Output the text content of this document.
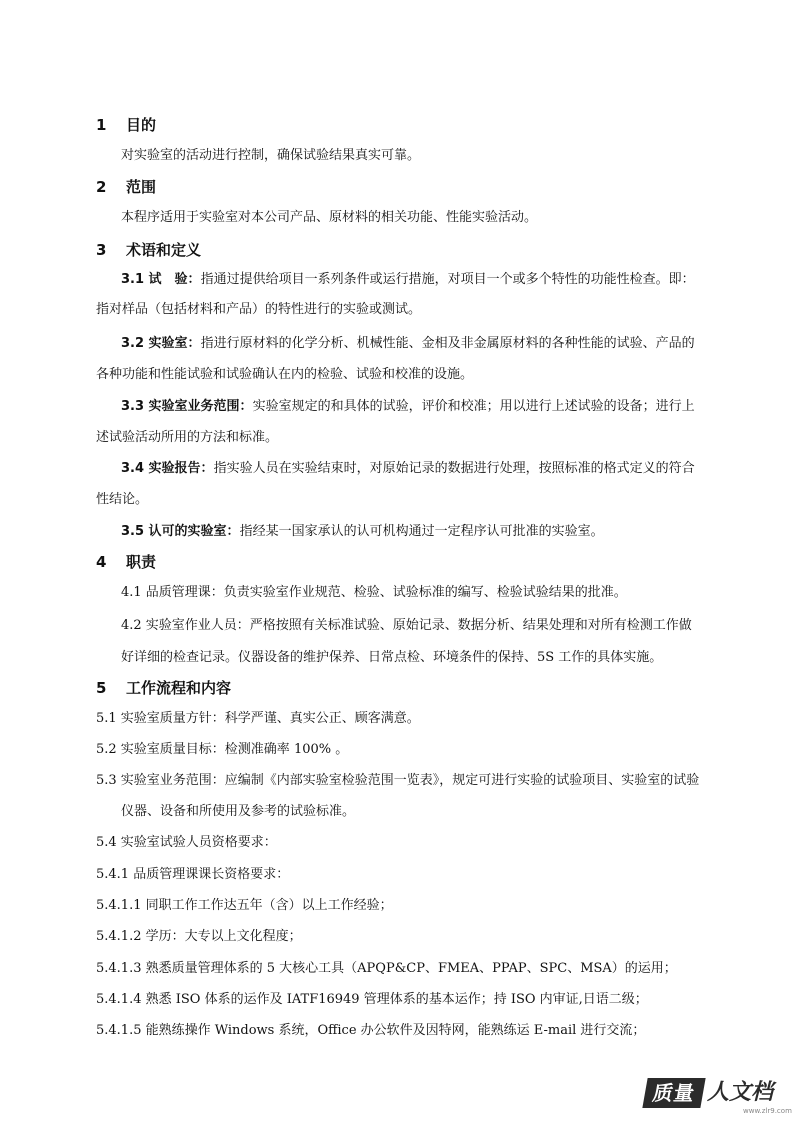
1 目的
对实验室的活动进行控制，确保试验结果真实可靠。
2 范围
本程序适用于实验室对本公司产品、原材料的相关功能、性能实验活动。
3 术语和定义
3.1 试　验：指通过提供给项目一系列条件或运行措施，对项目一个或多个特性的功能性检查。即：
指对样品（包括材料和产品）的特性进行的实验或测试。
3.2 实验室：指进行原材料的化学分析、机械性能、金相及非金属原材料的各种性能的试验、产品的
各种功能和性能试验和试验确认在内的检验、试验和校准的设施。
3.3 实验室业务范围：实验室规定的和具体的试验，评价和校准；用以进行上述试验的设备；进行上
述试验活动所用的方法和标准。
3.4 实验报告：指实验人员在实验结束时，对原始记录的数据进行处理，按照标准的格式定义的符合
性结论。
3.5 认可的实验室：指经某一国家承认的认可机构通过一定程序认可批准的实验室。
4 职责
4.1 品质管理课：负责实验室作业规范、检验、试验标准的编写、检验试验结果的批准。
4.2 实验室作业人员：严格按照有关标准试验、原始记录、数据分析、结果处理和对所有检测工作做
好详细的检查记录。仪器设备的维护保养、日常点检、环境条件的保持、5S 工作的具体实施。
5 工作流程和内容
5.1 实验室质量方针：科学严谨、真实公正、顾客满意。
5.2 实验室质量目标：检测准确率 100% 。
5.3 实验室业务范围：应编制《内部实验室检验范围一览表》，规定可进行实验的试验项目、实验室的试验
仪器、设备和所使用及参考的试验标准。
5.4 实验室试验人员资格要求：
5.4.1 品质管理课课长资格要求：
5.4.1.1 同职工作工作达五年（含）以上工作经验；
5.4.1.2 学历：大专以上文化程度；
5.4.1.3 熟悉质量管理体系的 5 大核心工具（APQP&CP、FMEA、PPAP、SPC、MSA）的运用；
5.4.1.4 熟悉 ISO 体系的运作及 IATF16949 管理体系的基本运作；持 ISO 内审证,日语二级；
5.4.1.5 能熟练操作 Windows 系统，Office 办公软件及因特网，能熟练运 E-mail 进行交流；
质量 人文档
www.zlr9.com
